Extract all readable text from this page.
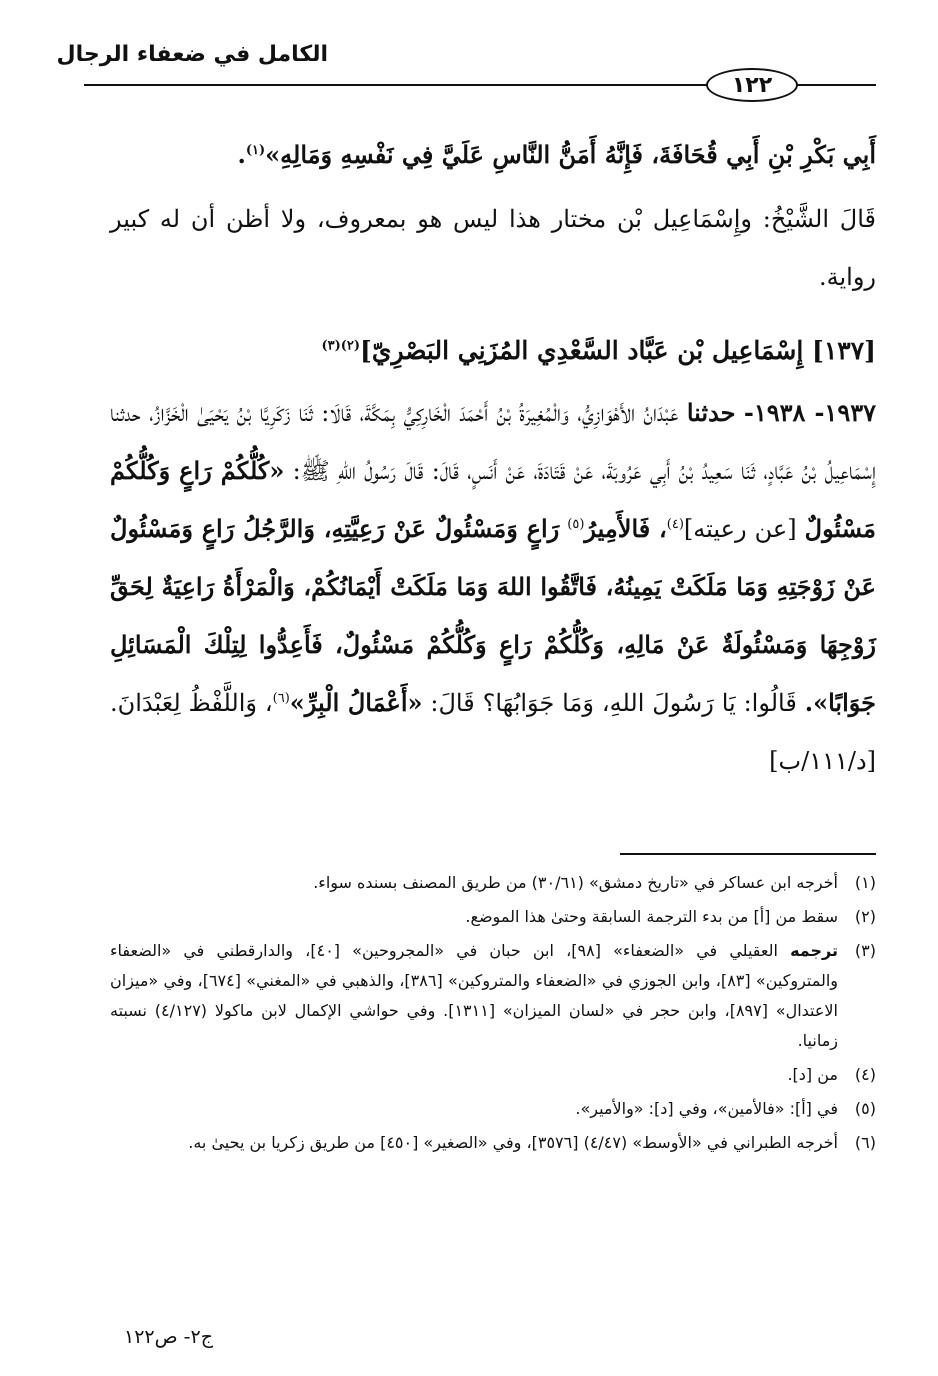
الكامل في ضعفاء الرجال
١٢٢

أَبِي بَكْرِ بْنِ أَبِي قُحَافَةَ، فَإِنَّهُ أَمَنُّ النَّاسِ عَلَيَّ فِي نَفْسِهِ وَمَالِهِ»$^{(١)}$.

قَالَ الشَّيْخُ: وإِسْمَاعِيل بْن مختار هذا ليس هو بمعروف، ولا أظن أن له كبير رواية.

[١٣٧] إِسْمَاعِيل بْن عَبَّاد السَّعْدِي المُزَنِي البَصْرِيّ]$^{(٢)(٣)}$

١٩٣٧- ١٩٣٨- حدثنا عَبْدَانُ الأَهْوَازِيُّ، وَالْمُغِيرَةُ بْنُ أَحْمَدَ الْخَارِكِيُّ بِمَكَّةَ، قَالَا: ثَنَا زَكَرِيَّا بْنُ يَحْيَىٰ الْخَزَّازُ، حدثنا إِسْمَاعِيلُ بْنُ عَبَّادٍ، ثَنَا سَعِيدُ بْنُ أَبِي عَرُوبَةَ، عَنْ قَتَادَةَ، عَنْ أَنَسٍ، قَالَ: قَالَ رَسُولُ اللهِ ﷺ: «كُلُّكُمْ رَاعٍ وَكُلُّكُمْ مَسْئُولٌ [عن رعيته]$^{(٤)}$، فَالأَمِيرُ$^{(٥)}$ رَاعٍ وَمَسْئُولٌ عَنْ رَعِيَّتِهِ، وَالرَّجُلُ رَاعٍ وَمَسْئُولٌ عَنْ زَوْجَتِهِ وَمَا مَلَكَتْ يَمِينُهُ، فَاتَّقُوا اللهَ وَمَا مَلَكَتْ أَيْمَانُكُمْ، وَالْمَرْأَةُ رَاعِيَةٌ لِحَقِّ زَوْجِهَا وَمَسْئُولَةٌ عَنْ مَالِهِ، وَكُلُّكُمْ رَاعٍ وَكُلُّكُمْ مَسْئُولٌ، فَأَعِدُّوا لِتِلْكَ الْمَسَائِلِ جَوَابًا». قَالُوا: يَا رَسُولَ اللهِ، وَمَا جَوَابُهَا؟ قَالَ: «أَعْمَالُ الْبِرِّ»$^{(٦)}$، وَاللَّفْظُ لِعَبْدَانَ. [د/١١١/ب]

(١)
أخرجه ابن عساكر في «تاريخ دمشق» (٣٠/٦١) من طريق المصنف بسنده سواء.
(٢)
سقط من [أ] من بدء الترجمة السابقة وحتىٰ هذا الموضع.
(٣)
ترجمه العقيلي في «الضعفاء» [٩٨]، ابن حبان في «المجروحين» [٤٠]، والدارقطني في «الضعفاء والمتروكين» [٨٣]، وابن الجوزي في «الضعفاء والمتروكين» [٣٨٦]، والذهبي في «المغني» [٦٧٤]، وفي «ميزان الاعتدال» [٨٩٧]، وابن حجر في «لسان الميزان» [١٣١١]. وفي حواشي الإكمال لابن ماكولا (٤/١٢٧) نسبته زمانيا.
(٤)
من [د].
(٥)
في [أ]: «فالأمين»، وفي [د]: «والأمير».
(٦)
أخرجه الطبراني في «الأوسط» (٤/٤٧) [٣٥٧٦]، وفي «الصغير» [٤٥٠] من طريق زكريا بن يحيىٰ به.
ج٢- ص١٢٢
